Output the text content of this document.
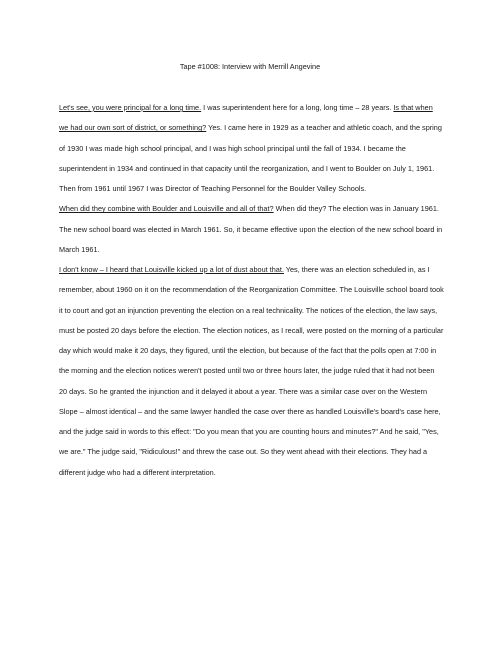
Tape #1008: Interview with Merrill Angevine

Let's see, you were principal for a long time. I was superintendent here for a long, long time – 28 years. Is that when we had our own sort of district, or something? Yes. I came here in 1929 as a teacher and athletic coach, and the spring of 1930 I was made high school principal, and I was high school principal until the fall of 1934. I became the superintendent in 1934 and continued in that capacity until the reorganization, and I went to Boulder on July 1, 1961. Then from 1961 until 1967 I was Director of Teaching Personnel for the Boulder Valley Schools.

When did they combine with Boulder and Louisville and all of that? When did they? The election was in January 1961. The new school board was elected in March 1961. So, it became effective upon the election of the new school board in March 1961.

I don't know – I heard that Louisville kicked up a lot of dust about that. Yes, there was an election scheduled in, as I remember, about 1960 on it on the recommendation of the Reorganization Committee. The Louisville school board took it to court and got an injunction preventing the election on a real technicality. The notices of the election, the law says, must be posted 20 days before the election. The election notices, as I recall, were posted on the morning of a particular day which would make it 20 days, they figured, until the election, but because of the fact that the polls open at 7:00 in the morning and the election notices weren't posted until two or three hours later, the judge ruled that it had not been 20 days. So he granted the injunction and it delayed it about a year. There was a similar case over on the Western Slope – almost identical – and the same lawyer handled the case over there as handled Louisville's board's case here, and the judge said in words to this effect: "Do you mean that you are counting hours and minutes?" And he said, "Yes, we are." The judge said, "Ridiculous!" and threw the case out. So they went ahead with their elections. They had a different judge who had a different interpretation.
